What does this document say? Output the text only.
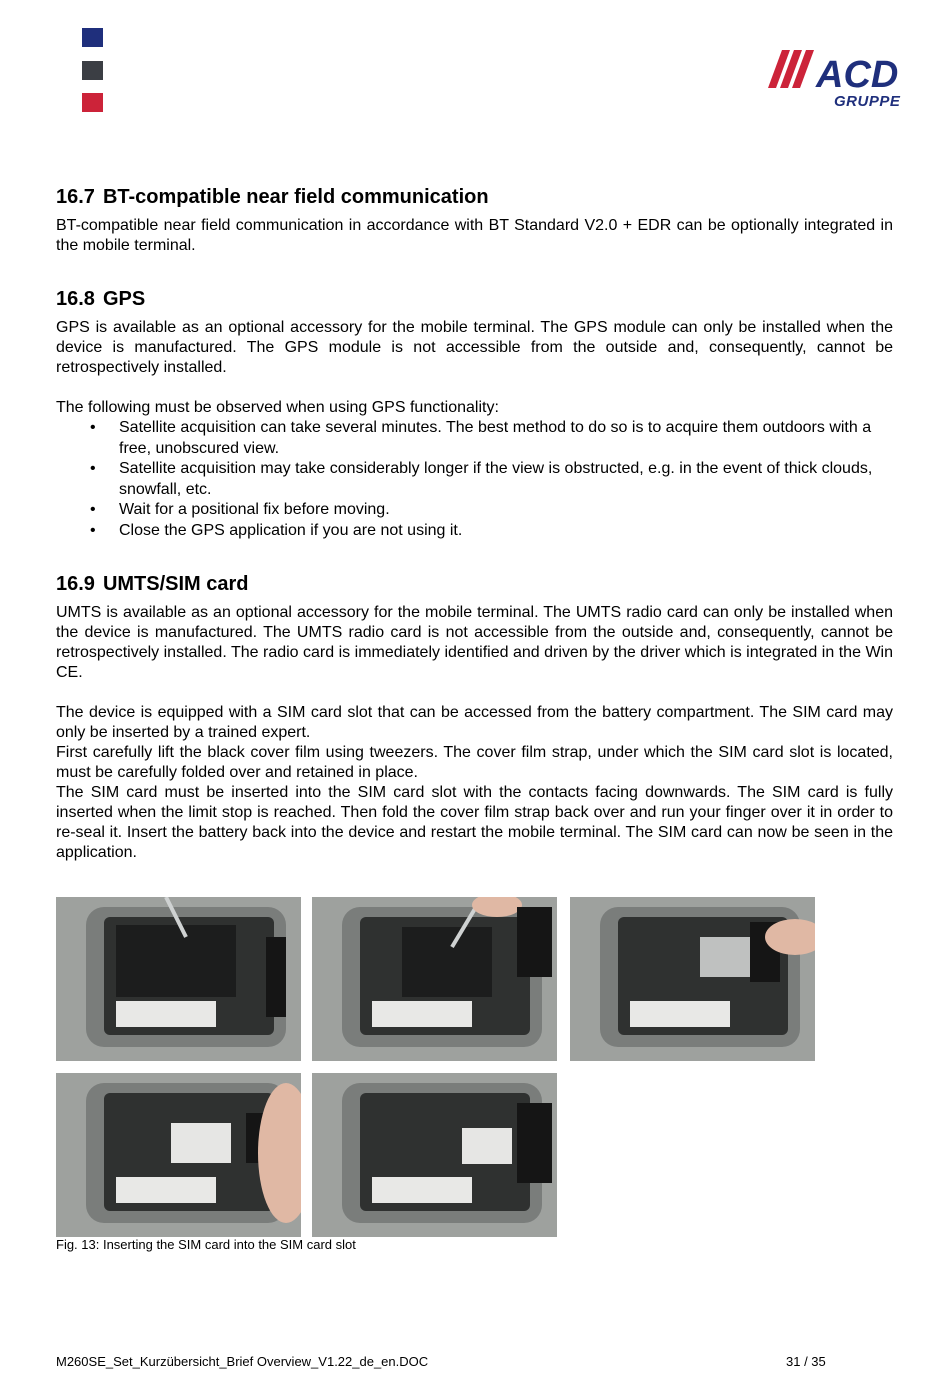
ACD
GRUPPE
16.7 BT-compatible near field communication

BT-compatible near field communication in accordance with BT Standard V2.0 + EDR can be optionally integrated in the mobile terminal.

16.8 GPS

GPS is available as an optional accessory for the mobile terminal. The GPS module can only be installed when the device is manufactured. The GPS module is not accessible from the outside and, consequently, cannot be retrospectively installed.

The following must be observed when using GPS functionality:

• Satellite acquisition can take several minutes. The best method to do so is to acquire them outdoors with a free, unobscured view.
• Satellite acquisition may take considerably longer if the view is obstructed, e.g. in the event of thick clouds, snowfall, etc.
• Wait for a positional fix before moving.
• Close the GPS application if you are not using it.
16.9 UMTS/SIM card

UMTS is available as an optional accessory for the mobile terminal. The UMTS radio card can only be installed when the device is manufactured. The UMTS radio card is not accessible from the outside and, consequently, cannot be retrospectively installed. The radio card is immediately identified and driven by the driver which is integrated in the Win CE.

The device is equipped with a SIM card slot that can be accessed from the battery compartment. The SIM card may only be inserted by a trained expert.

First carefully lift the black cover film using tweezers. The cover film strap, under which the SIM card slot is located, must be carefully folded over and retained in place.

The SIM card must be inserted into the SIM card slot with the contacts facing downwards. The SIM card is fully inserted when the limit stop is reached. Then fold the cover film strap back over and run your finger over it in order to re-seal it. Insert the battery back into the device and restart the mobile terminal. The SIM card can now be seen in the application.

Fig. 13: Inserting the SIM card into the SIM card slot
M260SE_Set_Kurzübersicht_Brief Overview_V1.22_de_en.DOC	31 / 35
